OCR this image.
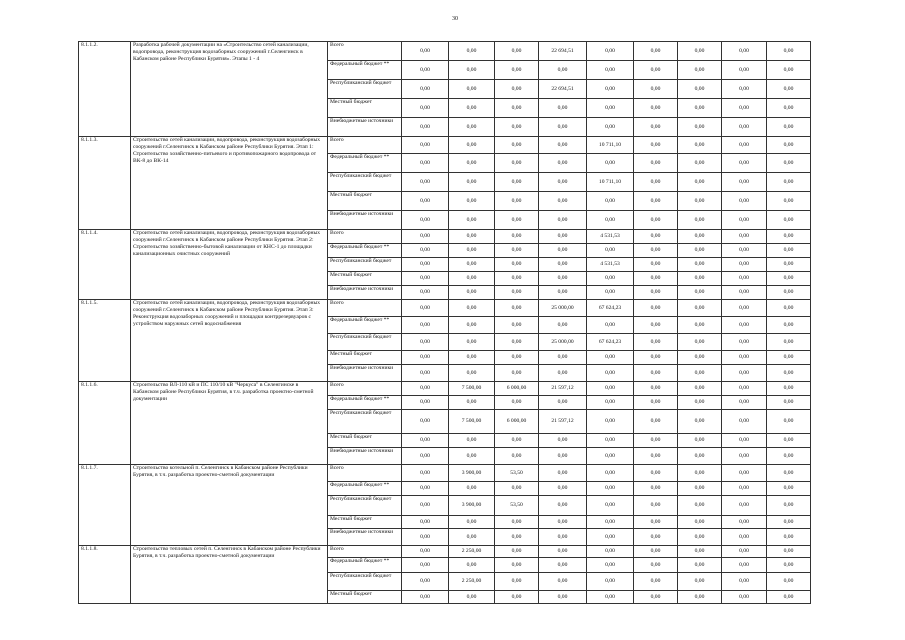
30
8.1.1.2.	Разработка рабочей документации на «Строительство сетей канализации, водопровода, реконструкция водозаборных сооружений г.Селенгинск в Кабанском районе Республики Бурятия». Этапы 1 - 4	Всего	0,00	0,00	0,00	22 694,51	0,00	0,00	0,00	0,00	0,00
		Федеральный бюджет **	0,00	0,00	0,00	0,00	0,00	0,00	0,00	0,00	0,00
		Республиканский бюджет	0,00	0,00	0,00	22 694,51	0,00	0,00	0,00	0,00	0,00
		Местный бюджет	0,00	0,00	0,00	0,00	0,00	0,00	0,00	0,00	0,00
		Внебюджетные источники	0,00	0,00	0,00	0,00	0,00	0,00	0,00	0,00	0,00
8.1.1.3.	Строительство сетей канализации, водопровода, реконструкция водозаборных сооружений г.Селенгинск в Кабанском районе Республики Бурятия. Этап 1: Строительство хозяйственно-питьевого и противопожарного водопровода от ВК-8 до ВК-14	Всего	0,00	0,00	0,00	0,00	10 711,10	0,00	0,00	0,00	0,00
		Федеральный бюджет **	0,00	0,00	0,00	0,00	0,00	0,00	0,00	0,00	0,00
		Республиканский бюджет	0,00	0,00	0,00	0,00	10 711,10	0,00	0,00	0,00	0,00
		Местный бюджет	0,00	0,00	0,00	0,00	0,00	0,00	0,00	0,00	0,00
		Внебюджетные источники	0,00	0,00	0,00	0,00	0,00	0,00	0,00	0,00	0,00
8.1.1.4.	Строительство сетей канализации, водопровода, реконструкция водозаборных сооружений г.Селенгинск в Кабанском районе Республики Бурятия. Этап 2: Строительство хозяйственно-бытовой канализации от КНС-1 до площадки канализационных очистных сооружений	Всего	0,00	0,00	0,00	0,00	4 531,53	0,00	0,00	0,00	0,00
		Федеральный бюджет **	0,00	0,00	0,00	0,00	0,00	0,00	0,00	0,00	0,00
		Республиканский бюджет	0,00	0,00	0,00	0,00	4 531,53	0,00	0,00	0,00	0,00
		Местный бюджет	0,00	0,00	0,00	0,00	0,00	0,00	0,00	0,00	0,00
		Внебюджетные источники	0,00	0,00	0,00	0,00	0,00	0,00	0,00	0,00	0,00
8.1.1.5.	Строительство сетей канализации, водопровода, реконструкция водозаборных сооружений г.Селенгинск в Кабанском районе Республики Бурятия. Этап 3: Реконструкция водозаборных сооружений и площадки контррезервуаров с устройством наружных сетей водоснабжения	Всего	0,00	0,00	0,00	25 000,00	67 624,23	0,00	0,00	0,00	0,00
		Федеральный бюджет **	0,00	0,00	0,00	0,00	0,00	0,00	0,00	0,00	0,00
		Республиканский бюджет	0,00	0,00	0,00	25 000,00	67 624,23	0,00	0,00	0,00	0,00
		Местный бюджет	0,00	0,00	0,00	0,00	0,00	0,00	0,00	0,00	0,00
		Внебюджетные источники	0,00	0,00	0,00	0,00	0,00	0,00	0,00	0,00	0,00
8.1.1.6.	Строительство ВЛ-110 кВ и ПС 110/10 кВ "Черкуса" в Селенгинске в Кабанском районе Республики Бурятия, в т.ч. разработка проектно-сметной документации	Всего	0,00	7 500,00	6 000,00	21 597,12	0,00	0,00	0,00	0,00	0,00
		Федеральный бюджет **	0,00	0,00	0,00	0,00	0,00	0,00	0,00	0,00	0,00
		Республиканский бюджет	0,00	7 500,00	6 000,00	21 597,12	0,00	0,00	0,00	0,00	0,00
		Местный бюджет	0,00	0,00	0,00	0,00	0,00	0,00	0,00	0,00	0,00
		Внебюджетные источники	0,00	0,00	0,00	0,00	0,00	0,00	0,00	0,00	0,00
8.1.1.7.	Строительство котельной п. Селенгинск в Кабанском районе Республики Бурятия, в т.ч. разработка проектно-сметной документации	Всего	0,00	3 900,00	53,50	0,00	0,00	0,00	0,00	0,00	0,00
		Федеральный бюджет **	0,00	0,00	0,00	0,00	0,00	0,00	0,00	0,00	0,00
		Республиканский бюджет	0,00	3 900,00	53,50	0,00	0,00	0,00	0,00	0,00	0,00
		Местный бюджет	0,00	0,00	0,00	0,00	0,00	0,00	0,00	0,00	0,00
		Внебюджетные источники	0,00	0,00	0,00	0,00	0,00	0,00	0,00	0,00	0,00
8.1.1.8.	Строительство тепловых сетей п. Селенгинск в Кабанском районе Республики Бурятия, в т.ч. разработка проектно-сметной документации	Всего	0,00	2 250,00	0,00	0,00	0,00	0,00	0,00	0,00	0,00
		Федеральный бюджет **	0,00	0,00	0,00	0,00	0,00	0,00	0,00	0,00	0,00
		Республиканский бюджет	0,00	2 250,00	0,00	0,00	0,00	0,00	0,00	0,00	0,00
		Местный бюджет	0,00	0,00	0,00	0,00	0,00	0,00	0,00	0,00	0,00
